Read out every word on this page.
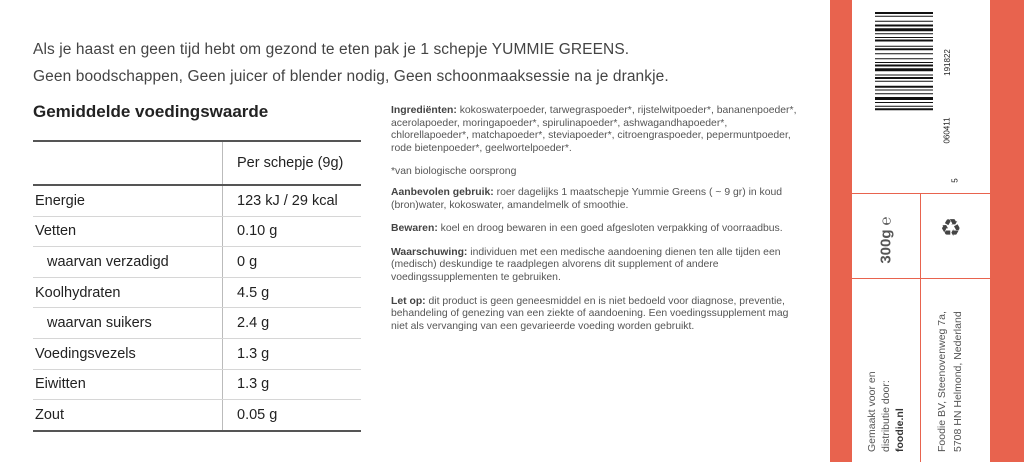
Als je haast en geen tijd hebt om gezond te eten pak je 1 schepje YUMMIE GREENS.
Geen boodschappen, Geen juicer of blender nodig, Geen schoonmaaksessie na je drankje.
Gemiddelde voedingswaarde
	Per schepje (9g)
Energie	123 kJ / 29 kcal
Vetten	0.10 g
waarvan verzadigd	0 g
Koolhydraten	4.5 g
waarvan suikers	2.4 g
Voedingsvezels	1.3 g
Eiwitten	1.3 g
Zout	0.05 g

Ingrediënten: kokoswaterpoeder, tarwegraspoeder*, rijstelwitpoeder*, bananenpoeder*, acerolapoeder, moringapoeder*, spirulinapoeder*, ashwagandhapoeder*, chlorellapoeder*, matchapoeder*, steviapoeder*, citroengraspoeder, pepermuntpoeder, rode bietenpoeder*, geelwortelpoeder*.

*van biologische oorsprong

Aanbevolen gebruik: roer dagelijks 1 maatschepje Yummie Greens ( ~ 9 gr) in koud (bron)water, kokoswater, amandelmelk of smoothie.

Bewaren: koel en droog bewaren in een goed afgesloten verpakking of voorraadbus.

Waarschuwing: individuen met een medische aandoening dienen ten alle tijden een (medisch) deskundige te raadplegen alvorens dit supplement of andere voedingssupplementen te gebruiken.

Let op: dit product is geen geneesmiddel en is niet bedoeld voor diagnose, preventie, behandeling of genezing van een ziekte of aandoening. Een voedingssupplement mag niet als vervanging van een gevarieerde voeding worden gebruikt.

5
060411
191822
300g ℮ ♻
Gemaakt voor en distributie door: foodie.nl	Foodie BV, Steenovenweg 7a, 5708 HN Helmond, Nederland
